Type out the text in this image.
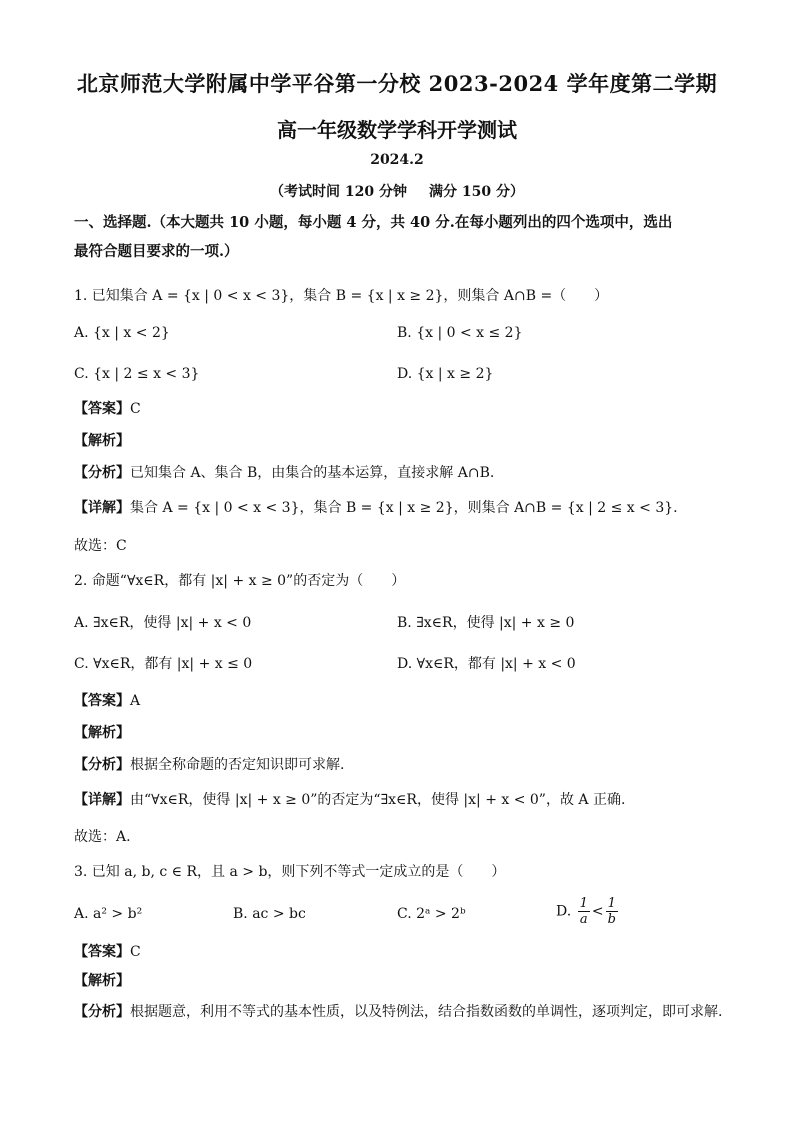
北京师范大学附属中学平谷第一分校 2023-2024 学年度第二学期
高一年级数学学科开学测试
2024.2
（考试时间 120 分钟 满分 150 分）
一、选择题.（本大题共 10 小题，每小题 4 分，共 40 分.在每小题列出的四个选项中，选出
最符合题目要求的一项.）
1. 已知集合 A = {x | 0 < x < 3}，集合 B = {x | x ≥ 2}，则集合 A∩B =（　　）
A. {x | x < 2}	B. {x | 0 < x ≤ 2}
C. {x | 2 ≤ x < 3}	D. {x | x ≥ 2}
【答案】C
【解析】
【分析】已知集合 A、集合 B，由集合的基本运算，直接求解 A∩B.
【详解】集合 A = {x | 0 < x < 3}，集合 B = {x | x ≥ 2}，则集合 A∩B = {x | 2 ≤ x < 3}.
故选：C
2. 命题“∀x∈R，都有 |x| + x ≥ 0”的否定为（　　）
A. ∃x∈R，使得 |x| + x < 0	B. ∃x∈R，使得 |x| + x ≥ 0
C. ∀x∈R，都有 |x| + x ≤ 0	D. ∀x∈R，都有 |x| + x < 0
【答案】A
【解析】
【分析】根据全称命题的否定知识即可求解.
【详解】由“∀x∈R，使得 |x| + x ≥ 0”的否定为“∃x∈R，使得 |x| + x < 0”，故 A 正确.
故选：A.
3. 已知 a, b, c ∈ R，且 a > b，则下列不等式一定成立的是（　　）
A. a² > b²	B. ac > bc	C. 2ᵃ > 2ᵇ	D. $\frac{1}{a} < \frac{1}{b}$
【答案】C
【解析】
【分析】根据题意，利用不等式的基本性质，以及特例法，结合指数函数的单调性，逐项判定，即可求解.
